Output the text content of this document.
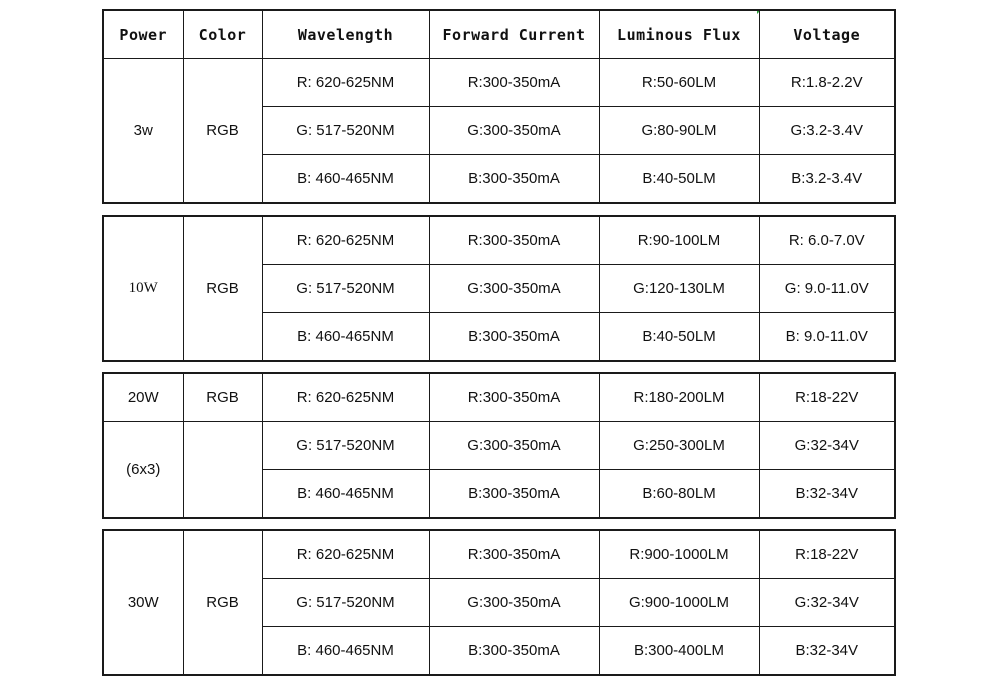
Power	Color	Wavelength	Forward Current	Luminous Flux	Voltage
3w	RGB	R: 620-625NM	R:300-350mA	R:50-60LM	R:1.8-2.2V
		G: 517-520NM	G:300-350mA	G:80-90LM	G:3.2-3.4V
		B: 460-465NM	B:300-350mA	B:40-50LM	B:3.2-3.4V
10W	RGB	R: 620-625NM	R:300-350mA	R:90-100LM	R: 6.0-7.0V
		G: 517-520NM	G:300-350mA	G:120-130LM	G: 9.0-11.0V
		B: 460-465NM	B:300-350mA	B:40-50LM	B: 9.0-11.0V
20W	RGB	R: 620-625NM	R:300-350mA	R:180-200LM	R:18-22V
(6x3)		G: 517-520NM	G:300-350mA	G:250-300LM	G:32-34V
		B: 460-465NM	B:300-350mA	B:60-80LM	B:32-34V
30W	RGB	R: 620-625NM	R:300-350mA	R:900-1000LM	R:18-22V
		G: 517-520NM	G:300-350mA	G:900-1000LM	G:32-34V
		B: 460-465NM	B:300-350mA	B:300-400LM	B:32-34V
